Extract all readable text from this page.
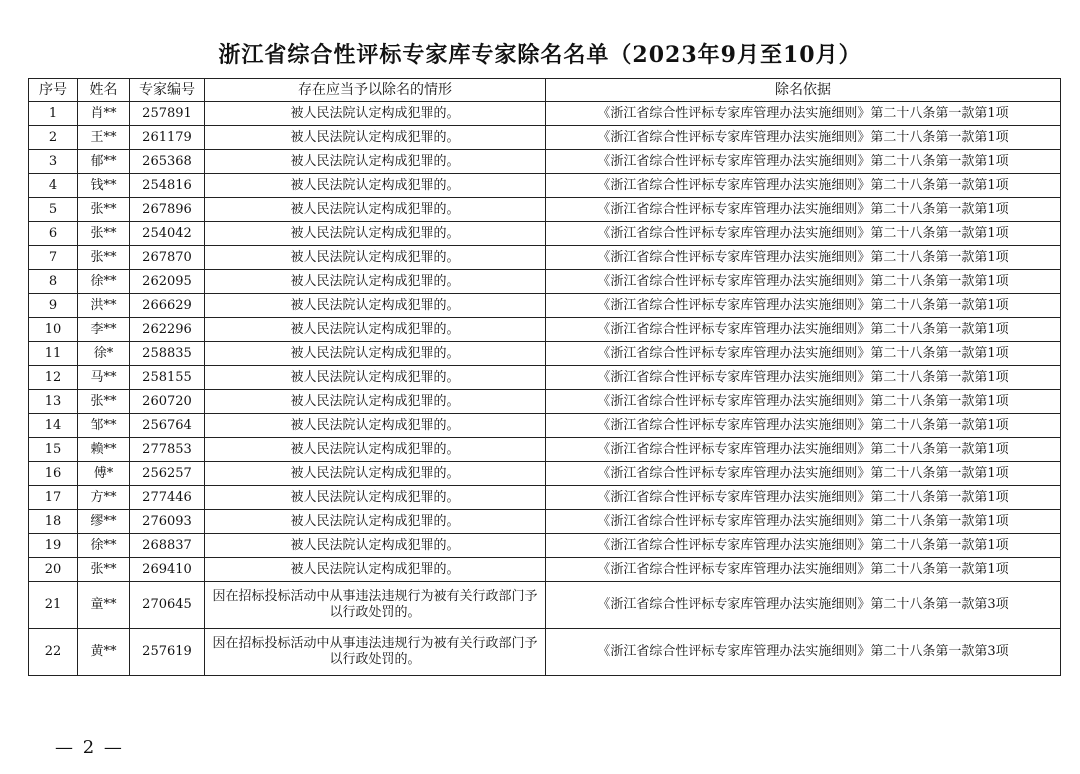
浙江省综合性评标专家库专家除名名单（2023年9月至10月）
序号	姓名	专家编号	存在应当予以除名的情形	除名依据
1	肖**	257891	被人民法院认定构成犯罪的。	《浙江省综合性评标专家库管理办法实施细则》第二十八条第一款第1项
2	王**	261179	被人民法院认定构成犯罪的。	《浙江省综合性评标专家库管理办法实施细则》第二十八条第一款第1项
3	郁**	265368	被人民法院认定构成犯罪的。	《浙江省综合性评标专家库管理办法实施细则》第二十八条第一款第1项
4	钱**	254816	被人民法院认定构成犯罪的。	《浙江省综合性评标专家库管理办法实施细则》第二十八条第一款第1项
5	张**	267896	被人民法院认定构成犯罪的。	《浙江省综合性评标专家库管理办法实施细则》第二十八条第一款第1项
6	张**	254042	被人民法院认定构成犯罪的。	《浙江省综合性评标专家库管理办法实施细则》第二十八条第一款第1项
7	张**	267870	被人民法院认定构成犯罪的。	《浙江省综合性评标专家库管理办法实施细则》第二十八条第一款第1项
8	徐**	262095	被人民法院认定构成犯罪的。	《浙江省综合性评标专家库管理办法实施细则》第二十八条第一款第1项
9	洪**	266629	被人民法院认定构成犯罪的。	《浙江省综合性评标专家库管理办法实施细则》第二十八条第一款第1项
10	李**	262296	被人民法院认定构成犯罪的。	《浙江省综合性评标专家库管理办法实施细则》第二十八条第一款第1项
11	徐*	258835	被人民法院认定构成犯罪的。	《浙江省综合性评标专家库管理办法实施细则》第二十八条第一款第1项
12	马**	258155	被人民法院认定构成犯罪的。	《浙江省综合性评标专家库管理办法实施细则》第二十八条第一款第1项
13	张**	260720	被人民法院认定构成犯罪的。	《浙江省综合性评标专家库管理办法实施细则》第二十八条第一款第1项
14	邹**	256764	被人民法院认定构成犯罪的。	《浙江省综合性评标专家库管理办法实施细则》第二十八条第一款第1项
15	赖**	277853	被人民法院认定构成犯罪的。	《浙江省综合性评标专家库管理办法实施细则》第二十八条第一款第1项
16	傅*	256257	被人民法院认定构成犯罪的。	《浙江省综合性评标专家库管理办法实施细则》第二十八条第一款第1项
17	方**	277446	被人民法院认定构成犯罪的。	《浙江省综合性评标专家库管理办法实施细则》第二十八条第一款第1项
18	缪**	276093	被人民法院认定构成犯罪的。	《浙江省综合性评标专家库管理办法实施细则》第二十八条第一款第1项
19	徐**	268837	被人民法院认定构成犯罪的。	《浙江省综合性评标专家库管理办法实施细则》第二十八条第一款第1项
20	张**	269410	被人民法院认定构成犯罪的。	《浙江省综合性评标专家库管理办法实施细则》第二十八条第一款第1项
21	童**	270645	因在招标投标活动中从事违法违规行为被有关行政部门予以行政处罚的。	《浙江省综合性评标专家库管理办法实施细则》第二十八条第一款第3项
22	黄**	257619	因在招标投标活动中从事违法违规行为被有关行政部门予以行政处罚的。	《浙江省综合性评标专家库管理办法实施细则》第二十八条第一款第3项
— 2 —
